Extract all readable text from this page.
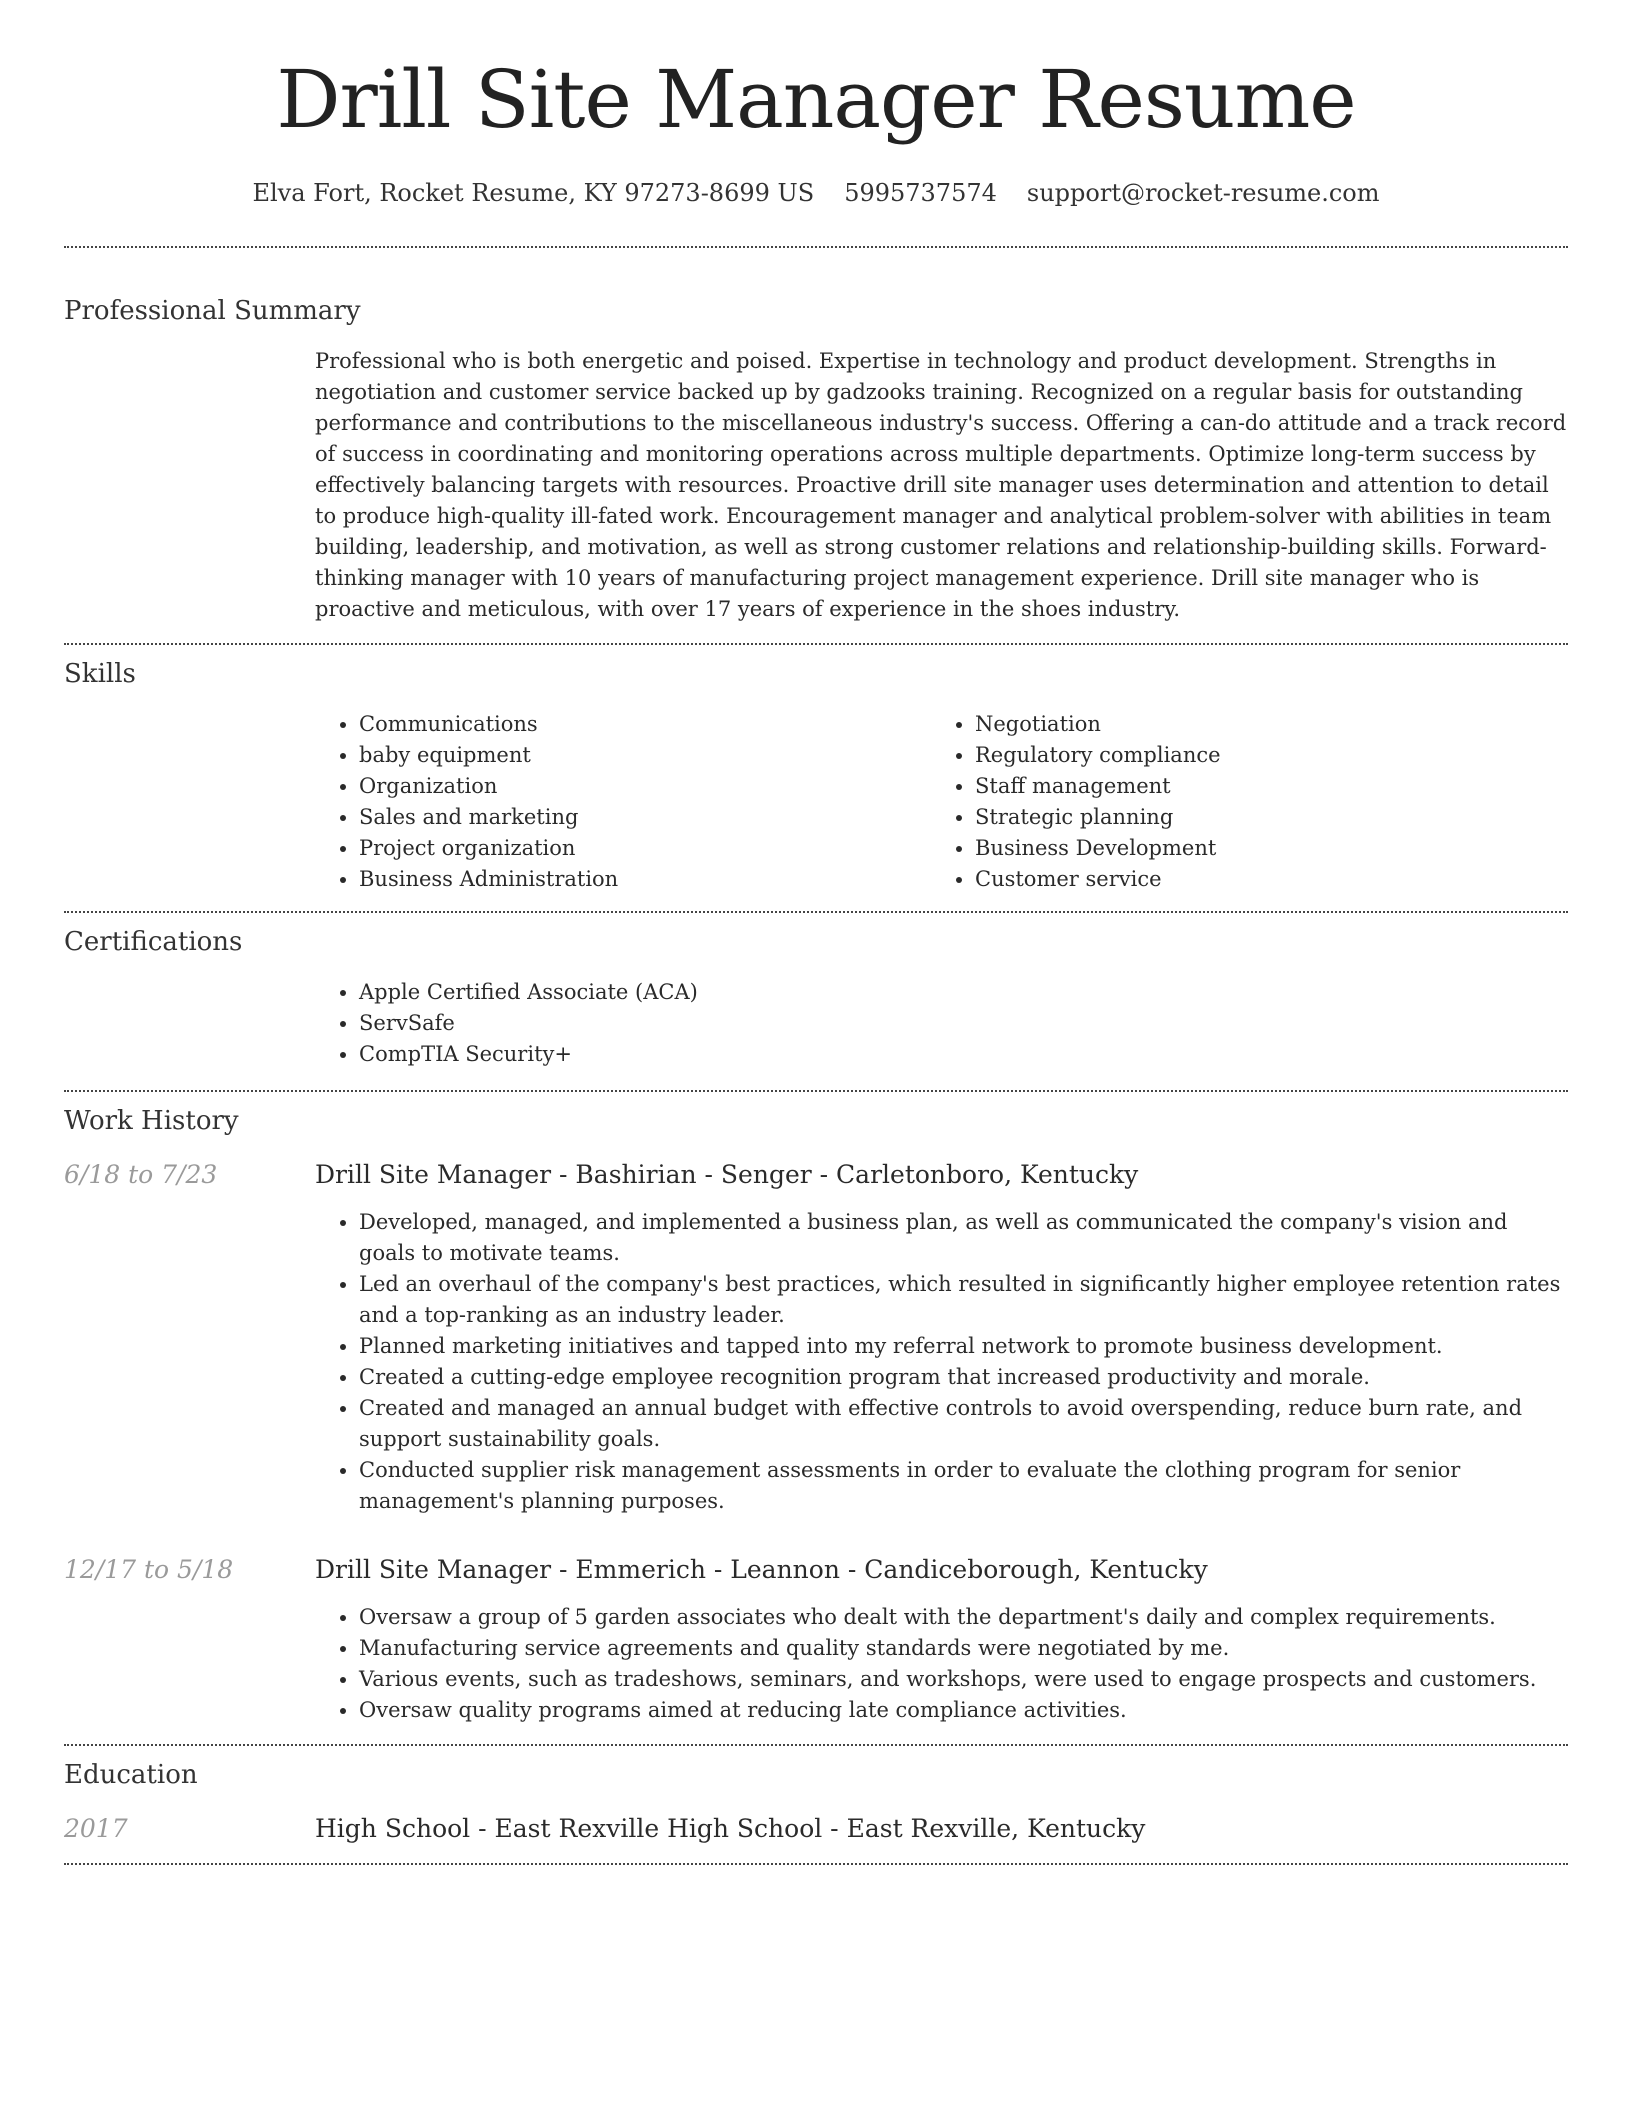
Drill Site Manager Resume
Elva Fort, Rocket Resume, KY 97273-8699 US 5995737574 support@rocket-resume.com
Professional Summary

Professional who is both energetic and poised. Expertise in technology and product development. Strengths in negotiation and customer service backed up by gadzooks training. Recognized on a regular basis for outstanding performance and contributions to the miscellaneous industry's success. Offering a can-do attitude and a track record of success in coordinating and monitoring operations across multiple departments. Optimize long-term success by effectively balancing targets with resources. Proactive drill site manager uses determination and attention to detail to produce high-quality ill-fated work. Encouragement manager and analytical problem-solver with abilities in team building, leadership, and motivation, as well as strong customer relations and relationship-building skills. Forward-thinking manager with 10 years of manufacturing project management experience. Drill site manager who is proactive and meticulous, with over 17 years of experience in the shoes industry.

Skills
• Communications
• baby equipment
• Organization
• Sales and marketing
• Project organization
• Business Administration
• Negotiation
• Regulatory compliance
• Staff management
• Strategic planning
• Business Development
• Customer service
Certifications
• Apple Certified Associate (ACA)
• ServSafe
• CompTIA Security+
Work History
6/18 to 7/23	Drill Site Manager - Bashirian - Senger - Carletonboro, Kentucky
• Developed, managed, and implemented a business plan, as well as communicated the company's vision and goals to motivate teams.
• Led an overhaul of the company's best practices, which resulted in significantly higher employee retention rates and a top-ranking as an industry leader.
• Planned marketing initiatives and tapped into my referral network to promote business development.
• Created a cutting-edge employee recognition program that increased productivity and morale.
• Created and managed an annual budget with effective controls to avoid overspending, reduce burn rate, and support sustainability goals.
• Conducted supplier risk management assessments in order to evaluate the clothing program for senior management's planning purposes.
12/17 to 5/18	Drill Site Manager - Emmerich - Leannon - Candiceborough, Kentucky
• Oversaw a group of 5 garden associates who dealt with the department's daily and complex requirements.
• Manufacturing service agreements and quality standards were negotiated by me.
• Various events, such as tradeshows, seminars, and workshops, were used to engage prospects and customers.
• Oversaw quality programs aimed at reducing late compliance activities.
Education
2017	High School - East Rexville High School - East Rexville, Kentucky
